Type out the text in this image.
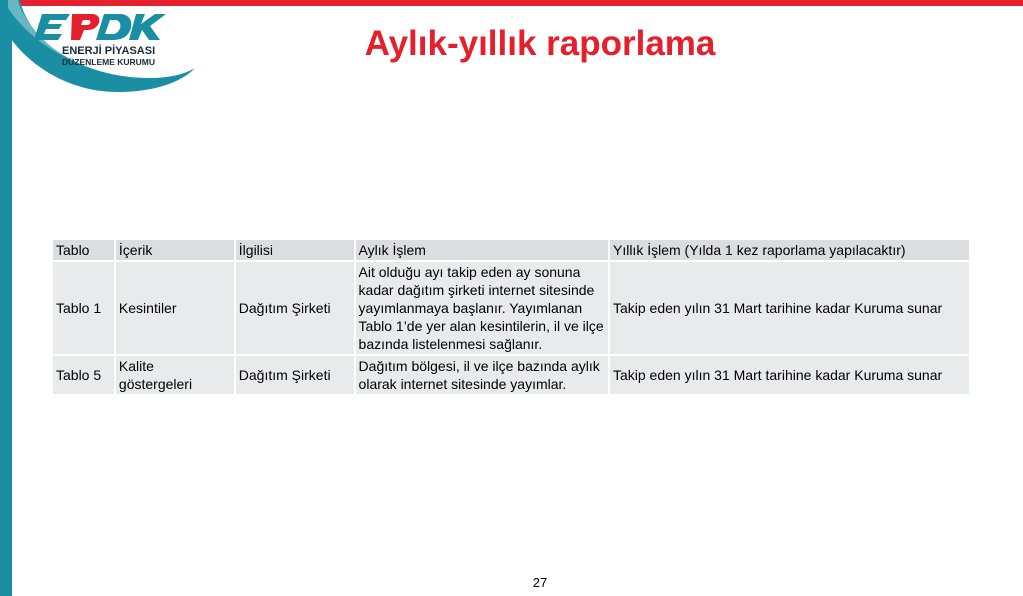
ENERJİ PİYASASI
DÜZENLEME KURUMU	Aylık-yıllık raporlama
Tablo	İçerik	İlgilisi	Aylık İşlem	Yıllık İşlem (Yılda 1 kez raporlama yapılacaktır)
Tablo 1	Kesintiler	Dağıtım Şirketi	Ait olduğu ayı takip eden ay sonuna kadar dağıtım şirketi internet sitesinde yayımlanmaya başlanır. Yayımlanan Tablo 1’de yer alan kesintilerin, il ve ilçe bazında listelenmesi sağlanır.	Takip eden yılın 31 Mart tarihine kadar Kuruma sunar
Tablo 5	Kalite göstergeleri	Dağıtım Şirketi	Dağıtım bölgesi, il ve ilçe bazında aylık olarak internet sitesinde yayımlar.	Takip eden yılın 31 Mart tarihine kadar Kuruma sunar
27
